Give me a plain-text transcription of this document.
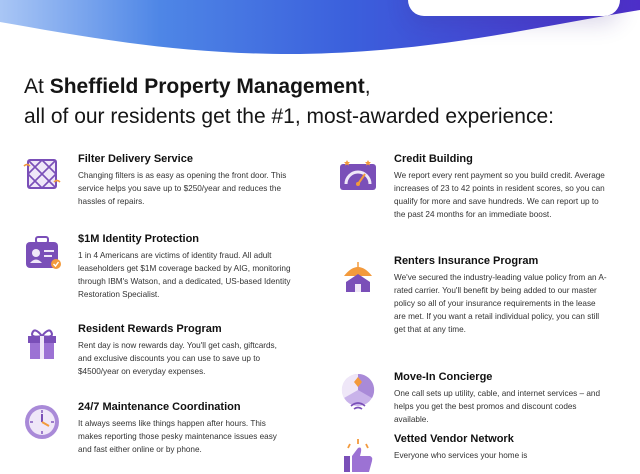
At Sheffield Property Management,
all of our residents get the #1, most-awarded experience:
Filter Delivery Service
Changing filters is as easy as opening the front door. This service helps you save up to $250/year and reduces the hassles of repairs.
$1M Identity Protection
1 in 4 Americans are victims of identity fraud. All adult leaseholders get $1M coverage backed by AIG, monitoring through IBM's Watson, and a dedicated, US-based Identity Restoration Specialist.
Resident Rewards Program
Rent day is now rewards day. You'll get cash, giftcards, and exclusive discounts you can use to save up to $4500/year on everyday expenses.
24/7 Maintenance Coordination
It always seems like things happen after hours. This makes reporting those pesky maintenance issues easy and fast either online or by phone.
Credit Building
We report every rent payment so you build credit. Average increases of 23 to 42 points in resident scores, so you can qualify for more and save hundreds. We can report up to the past 24 months for an immediate boost.
Renters Insurance Program
We've secured the industry-leading value policy from an A-rated carrier. You'll benefit by being added to our master policy so all of your insurance requirements in the lease are met. If you want a retail individual policy, you can still get that at any time.
Move-In Concierge
One call sets up utility, cable, and internet services – and helps you get the best promos and discount codes available.
Vetted Vendor Network
Everyone who services your home is
